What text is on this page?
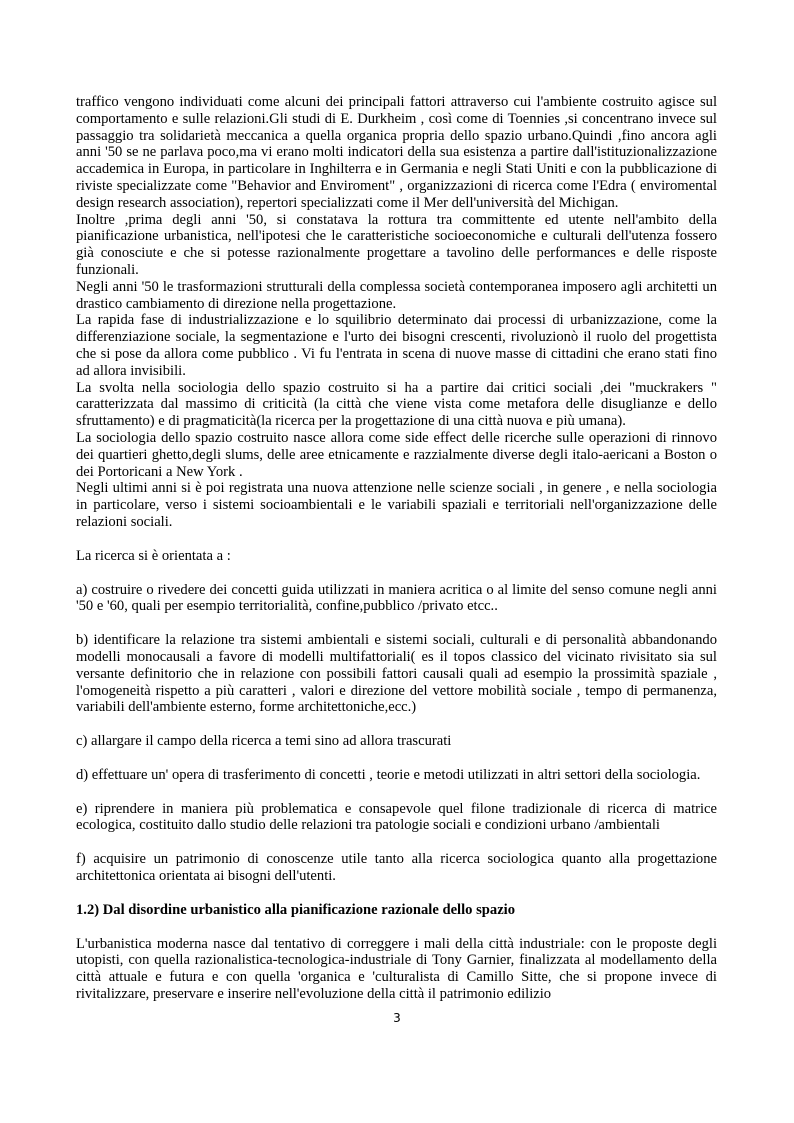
traffico vengono individuati come alcuni dei principali fattori attraverso cui l'ambiente costruito agisce sul comportamento e sulle relazioni.Gli studi di E. Durkheim , così come di Toennies ,si concentrano invece sul passaggio tra solidarietà meccanica a quella organica propria dello spazio urbano.Quindi ,fino ancora agli anni '50 se ne parlava poco,ma vi erano molti indicatori della sua esistenza a partire dall'istituzionalizzazione accademica in Europa, in particolare in Inghilterra e in Germania e negli Stati Uniti e con la pubblicazione di riviste specializzate come "Behavior and Enviroment" , organizzazioni di ricerca come l'Edra ( enviromental design research association), repertori specializzati come il Mer dell'università del Michigan.

Inoltre ,prima degli anni '50, si constatava la rottura tra committente ed utente nell'ambito della pianificazione urbanistica, nell'ipotesi che le caratteristiche socioeconomiche e culturali dell'utenza fossero già conosciute e che si potesse razionalmente progettare a tavolino delle performances e delle risposte funzionali.

Negli anni '50 le trasformazioni strutturali della complessa società contemporanea imposero agli architetti un drastico cambiamento di direzione nella progettazione.

La rapida fase di industrializzazione e lo squilibrio determinato dai processi di urbanizzazione, come la differenziazione sociale, la segmentazione e l'urto dei bisogni crescenti, rivoluzionò il ruolo del progettista che si pose da allora come pubblico . Vi fu l'entrata in scena di nuove masse di cittadini che erano stati fino ad allora invisibili.

La svolta nella sociologia dello spazio costruito si ha a partire dai critici sociali ,dei "muckrakers " caratterizzata dal massimo di criticità (la città che viene vista come metafora delle disuglianze e dello sfruttamento) e di pragmaticità(la ricerca per la progettazione di una città nuova e più umana).

La sociologia dello spazio costruito nasce allora come side effect delle ricerche sulle operazioni di rinnovo dei quartieri ghetto,degli slums, delle aree etnicamente e razzialmente diverse degli italo-aericani a Boston o dei Portoricani a New York .

Negli ultimi anni si è poi registrata una nuova attenzione nelle scienze sociali , in genere , e nella sociologia in particolare, verso i sistemi socioambientali e le variabili spaziali e territoriali nell'organizzazione delle relazioni sociali.

La ricerca si è orientata a :

a) costruire o rivedere dei concetti guida utilizzati in maniera acritica o al limite del senso comune negli anni '50 e '60, quali per esempio territorialità, confine,pubblico /privato etcc..

b) identificare la relazione tra sistemi ambientali e sistemi sociali, culturali e di personalità abbandonando modelli monocausali a favore di modelli multifattoriali( es il topos classico del vicinato rivisitato sia sul versante definitorio che in relazione con possibili fattori causali quali ad esempio la prossimità spaziale , l'omogeneità rispetto a più caratteri , valori e direzione del vettore mobilità sociale , tempo di permanenza, variabili dell'ambiente esterno, forme architettoniche,ecc.)

c) allargare il campo della ricerca a temi sino ad allora trascurati

d) effettuare un' opera di trasferimento di concetti , teorie e metodi utilizzati in altri settori della sociologia.

e) riprendere in maniera più problematica e consapevole quel filone tradizionale di ricerca di matrice ecologica, costituito dallo studio delle relazioni tra patologie sociali e condizioni urbano /ambientali

f) acquisire un patrimonio di conoscenze utile tanto alla ricerca sociologica quanto alla progettazione architettonica orientata ai bisogni dell'utenti.

1.2) Dal disordine urbanistico alla pianificazione razionale dello spazio

L'urbanistica moderna nasce dal tentativo di correggere i mali della città industriale: con le proposte degli utopisti, con quella razionalistica-tecnologica-industriale di Tony Garnier, finalizzata al modellamento della città attuale e futura e con quella 'organica e 'culturalista di Camillo Sitte, che si propone invece di rivitalizzare, preservare e inserire nell'evoluzione della città il patrimonio edilizio

3
